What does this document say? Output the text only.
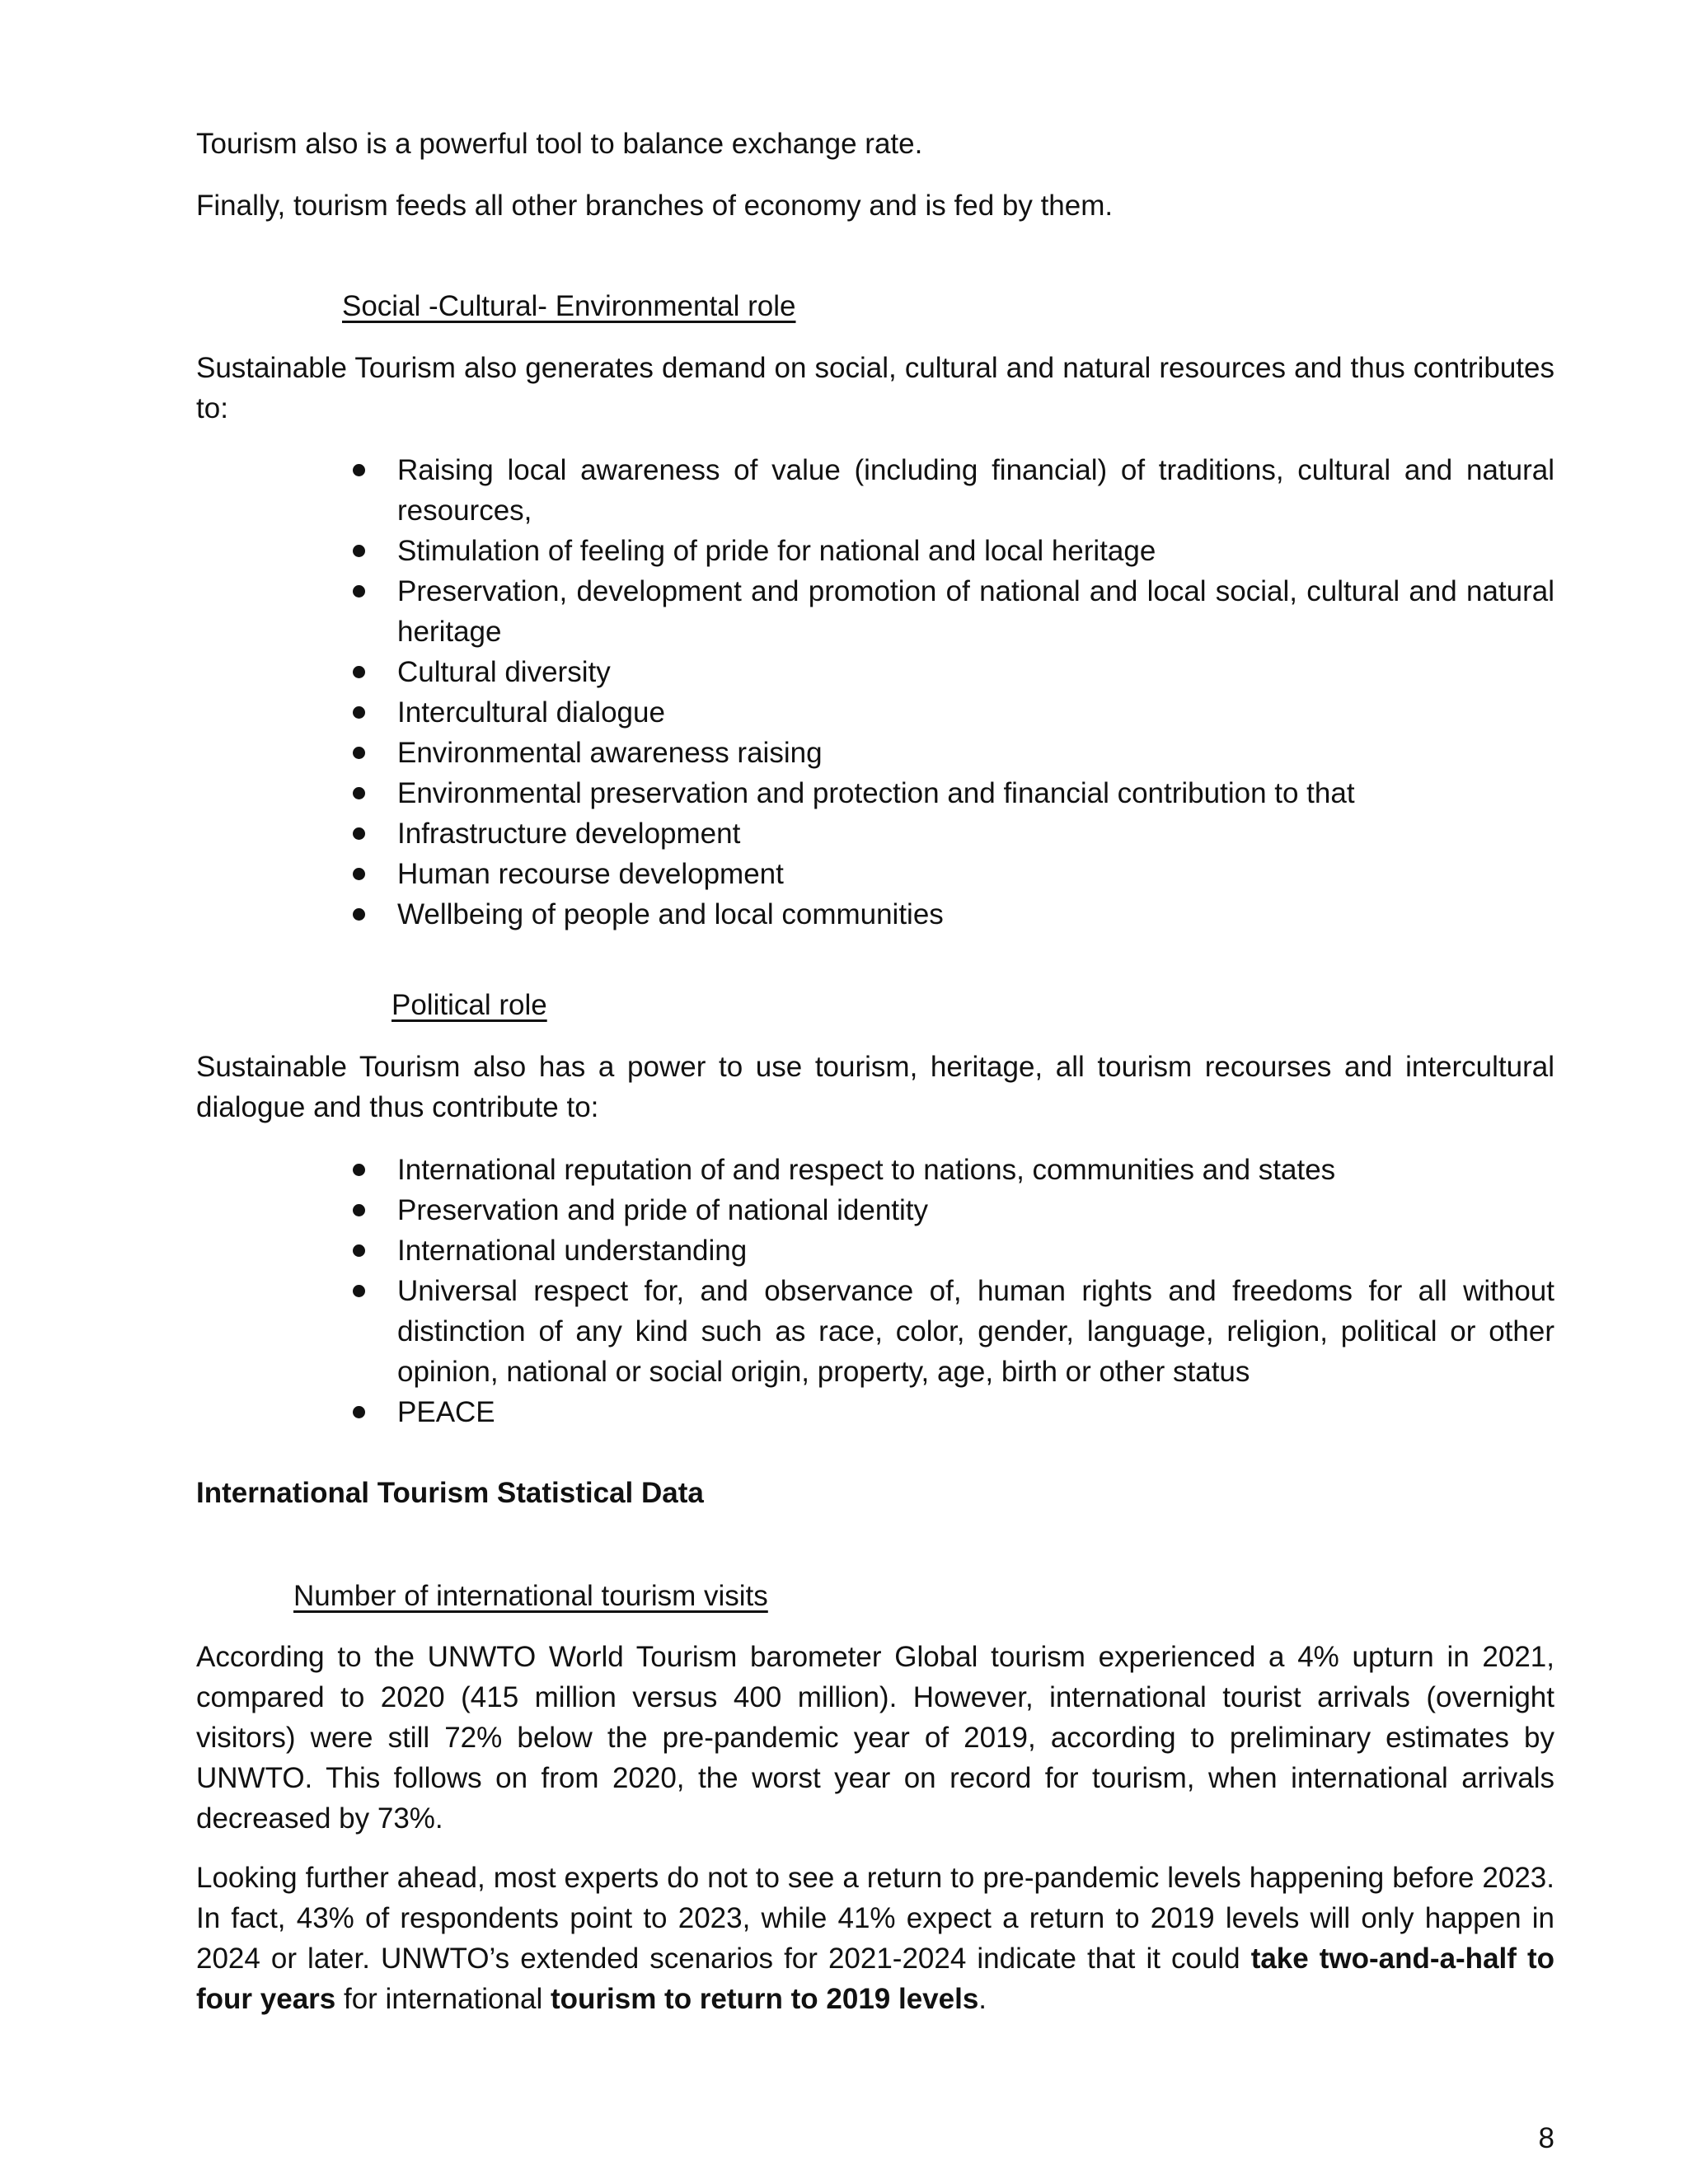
Tourism also is a powerful tool to balance exchange rate.

Finally, tourism feeds all other branches of economy and is fed by them.

Social -Cultural- Environmental role

Sustainable Tourism also generates demand on social, cultural and natural resources and thus contributes to:

Raising local awareness of value (including financial) of traditions, cultural and natural resources,
Stimulation of feeling of pride for national and local heritage
Preservation, development and promotion of national and local social, cultural and natural heritage
Cultural diversity
Intercultural dialogue
Environmental awareness raising
Environmental preservation and protection and financial contribution to that
Infrastructure development
Human recourse development
Wellbeing of people and local communities

Political role

Sustainable Tourism also has a power to use tourism, heritage, all tourism recourses and intercultural dialogue and thus contribute to:

International reputation of and respect to nations, communities and states
Preservation and pride of national identity
International understanding
Universal respect for, and observance of, human rights and freedoms for all without distinction of any kind such as race, color, gender, language, religion, political or other opinion, national or social origin, property, age, birth or other status
PEACE

International Tourism Statistical Data

Number of international tourism visits

According to the UNWTO World Tourism barometer Global tourism experienced a 4% upturn in 2021, compared to 2020 (415 million versus 400 million). However, international tourist arrivals (overnight visitors) were still 72% below the pre-pandemic year of 2019, according to preliminary estimates by UNWTO. This follows on from 2020, the worst year on record for tourism, when international arrivals decreased by 73%.

Looking further ahead, most experts do not to see a return to pre-pandemic levels happening before 2023. In fact, 43% of respondents point to 2023, while 41% expect a return to 2019 levels will only happen in 2024 or later. UNWTO’s extended scenarios for 2021-2024 indicate that it could take two-and-a-half to four years for international tourism to return to 2019 levels.

8
